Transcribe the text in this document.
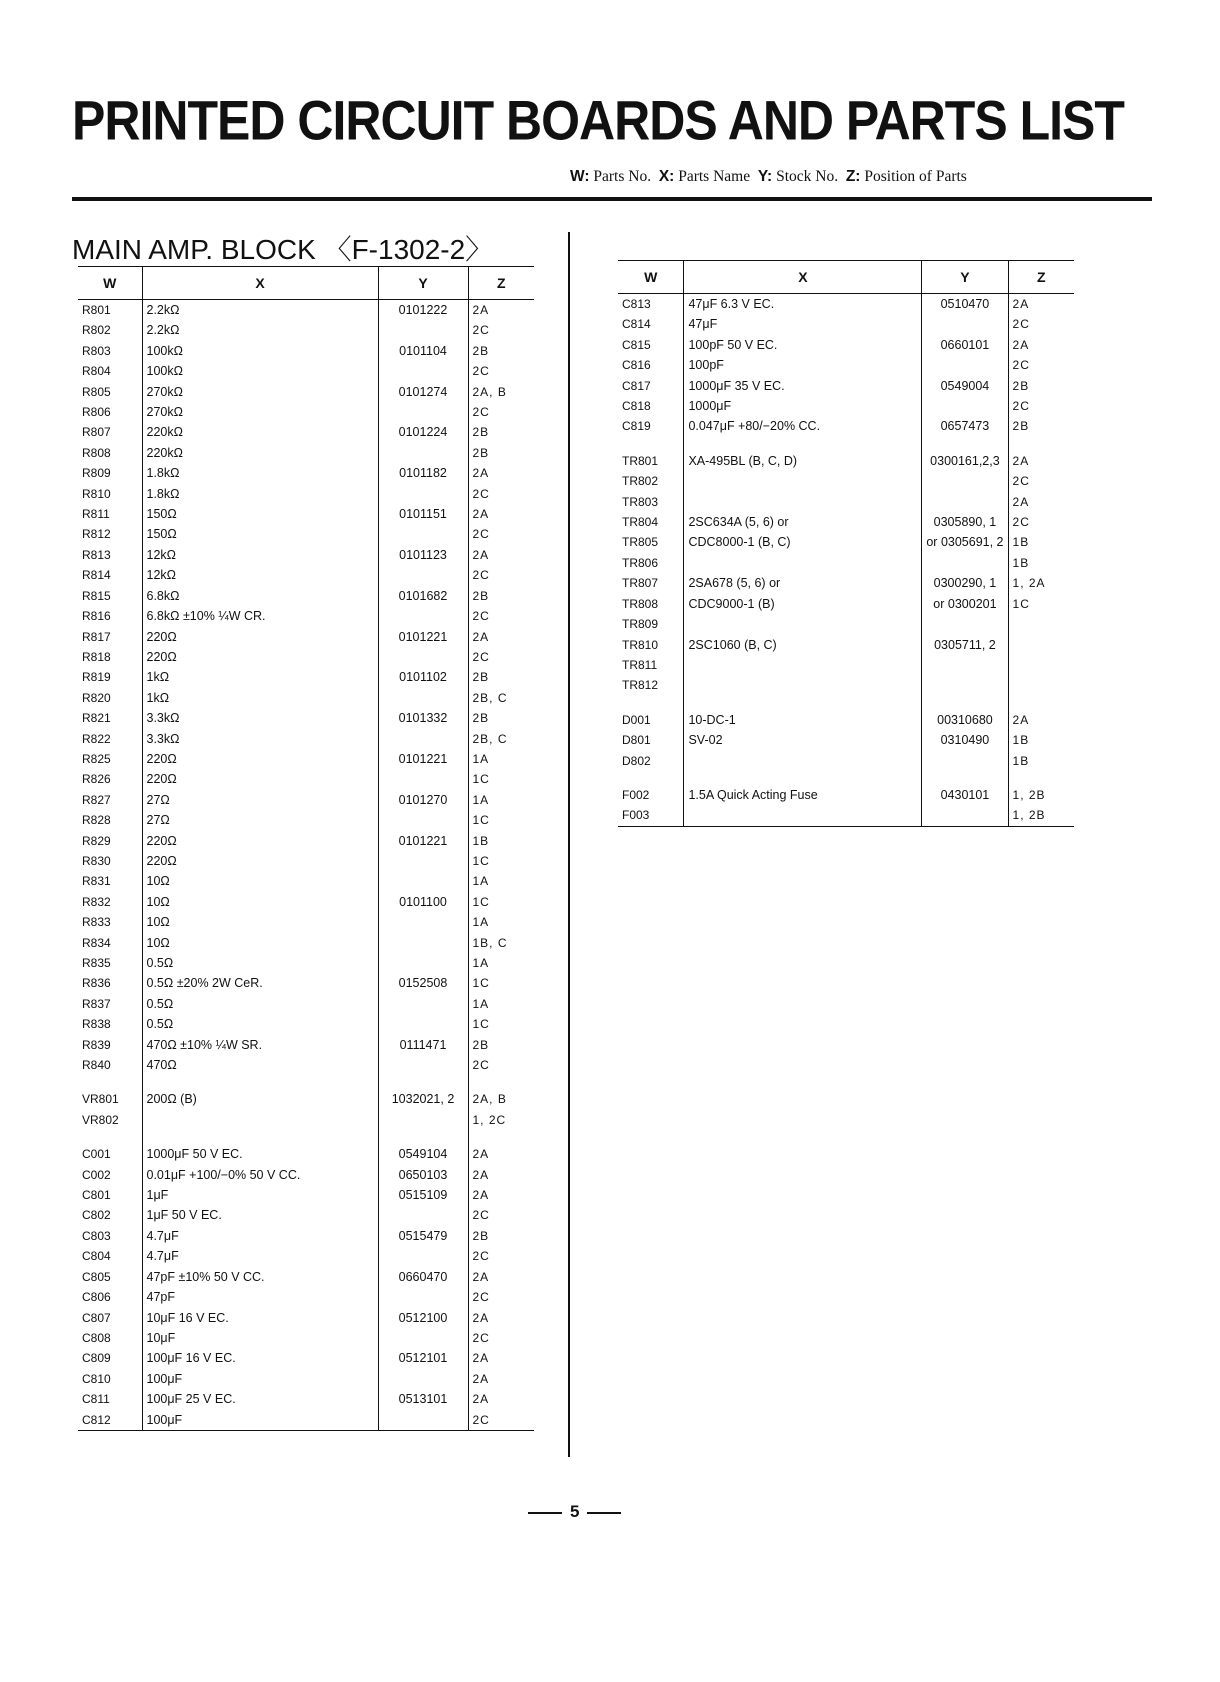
PRINTED CIRCUIT BOARDS AND PARTS LIST
W: Parts No. X: Parts Name Y: Stock No. Z: Position of Parts
MAIN AMP. BLOCK 〈F-1302-2〉
W	X	Y	Z
R801	2.2kΩ	0101222	2A
R802	2.2kΩ		2C
R803	100kΩ	0101104	2B
R804	100kΩ		2C
R805	270kΩ	0101274	2A, B
R806	270kΩ		2C
R807	220kΩ	0101224	2B
R808	220kΩ		2B
R809	1.8kΩ	0101182	2A
R810	1.8kΩ		2C
R811	150Ω	0101151	2A
R812	150Ω		2C
R813	12kΩ	0101123	2A
R814	12kΩ		2C
R815	6.8kΩ	0101682	2B
R816	6.8kΩ ±10% ¼W CR.		2C
R817	220Ω	0101221	2A
R818	220Ω		2C
R819	1kΩ	0101102	2B
R820	1kΩ		2B, C
R821	3.3kΩ	0101332	2B
R822	3.3kΩ		2B, C
R825	220Ω	0101221	1A
R826	220Ω		1C
R827	27Ω	0101270	1A
R828	27Ω		1C
R829	220Ω	0101221	1B
R830	220Ω		1C
R831	10Ω		1A
R832	10Ω	0101100	1C
R833	10Ω		1A
R834	10Ω		1B, C
R835	0.5Ω		1A
R836	0.5Ω ±20% 2W CeR.	0152508	1C
R837	0.5Ω		1A
R838	0.5Ω		1C
R839	470Ω ±10% ¼W SR.	0111471	2B
R840	470Ω		2C

VR801	200Ω (B)	1032021, 2	2A, B
VR802			1, 2C

C001	1000μF 50 V EC.	0549104	2A
C002	0.01μF +100/−0% 50 V CC.	0650103	2A
C801	1μF	0515109	2A
C802	1μF 50 V EC.		2C
C803	4.7μF	0515479	2B
C804	4.7μF		2C
C805	47pF ±10% 50 V CC.	0660470	2A
C806	47pF		2C
C807	10μF 16 V EC.	0512100	2A
C808	10μF		2C
C809	100μF 16 V EC.	0512101	2A
C810	100μF		2A
C811	100μF 25 V EC.	0513101	2A
C812	100μF		2C
W	X	Y	Z
C813	47μF 6.3 V EC.	0510470	2A
C814	47μF		2C
C815	100pF 50 V EC.	0660101	2A
C816	100pF		2C
C817	1000μF 35 V EC.	0549004	2B
C818	1000μF		2C
C819	0.047μF +80/−20% CC.	0657473	2B

TR801	XA-495BL (B, C, D)	0300161,2,3	2A
TR802			2C
TR803			2A
TR804	2SC634A (5, 6) or	0305890, 1	2C
TR805	CDC8000-1 (B, C)	or 0305691, 2	1B
TR806			1B
TR807	2SA678 (5, 6) or	0300290, 1	1, 2A
TR808	CDC9000-1 (B)	or 0300201	1C
TR809			
TR810	2SC1060 (B, C)	0305711, 2	
TR811			
TR812			

D001	10-DC-1	00310680	2A
D801	SV-02	0310490	1B
D802			1B

F002	1.5A Quick Acting Fuse	0430101	1, 2B
F003			1, 2B
5
